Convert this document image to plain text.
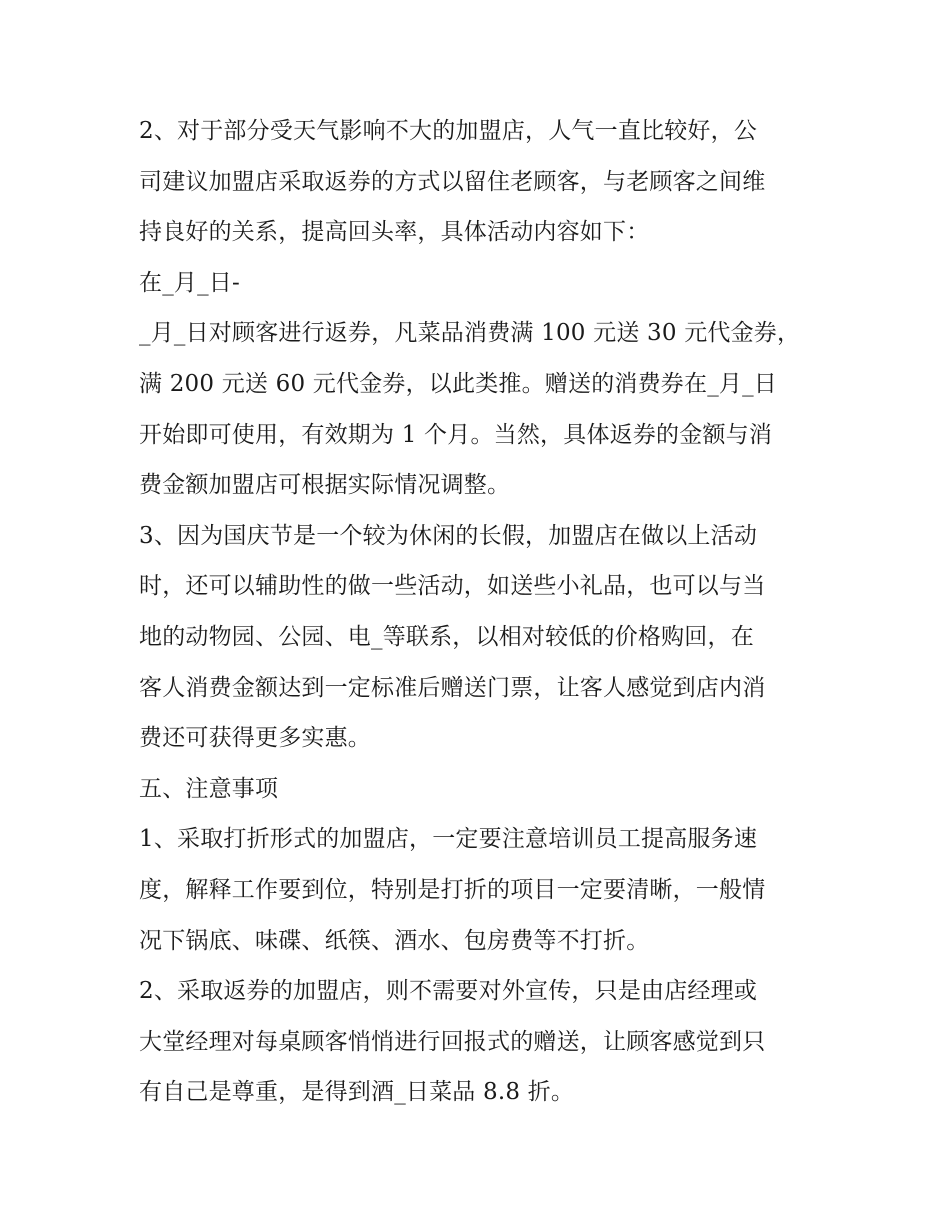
2、对于部分受天气影响不大的加盟店，人气一直比较好，公
司建议加盟店采取返券的方式以留住老顾客，与老顾客之间维
持良好的关系，提高回头率，具体活动内容如下：
在_月_日-
_月_日对顾客进行返券，凡菜品消费满 100 元送 30 元代金券，
满 200 元送 60 元代金券，以此类推。赠送的消费券在_月_日
开始即可使用，有效期为 1 个月。当然，具体返券的金额与消
费金额加盟店可根据实际情况调整。
3、因为国庆节是一个较为休闲的长假，加盟店在做以上活动
时，还可以辅助性的做一些活动，如送些小礼品，也可以与当
地的动物园、公园、电_等联系，以相对较低的价格购回，在
客人消费金额达到一定标准后赠送门票，让客人感觉到店内消
费还可获得更多实惠。
五、注意事项
1、采取打折形式的加盟店，一定要注意培训员工提高服务速
度，解释工作要到位，特别是打折的项目一定要清晰，一般情
况下锅底、味碟、纸筷、酒水、包房费等不打折。
2、采取返券的加盟店，则不需要对外宣传，只是由店经理或
大堂经理对每桌顾客悄悄进行回报式的赠送，让顾客感觉到只
有自己是尊重，是得到酒_日菜品 8.8 折。
